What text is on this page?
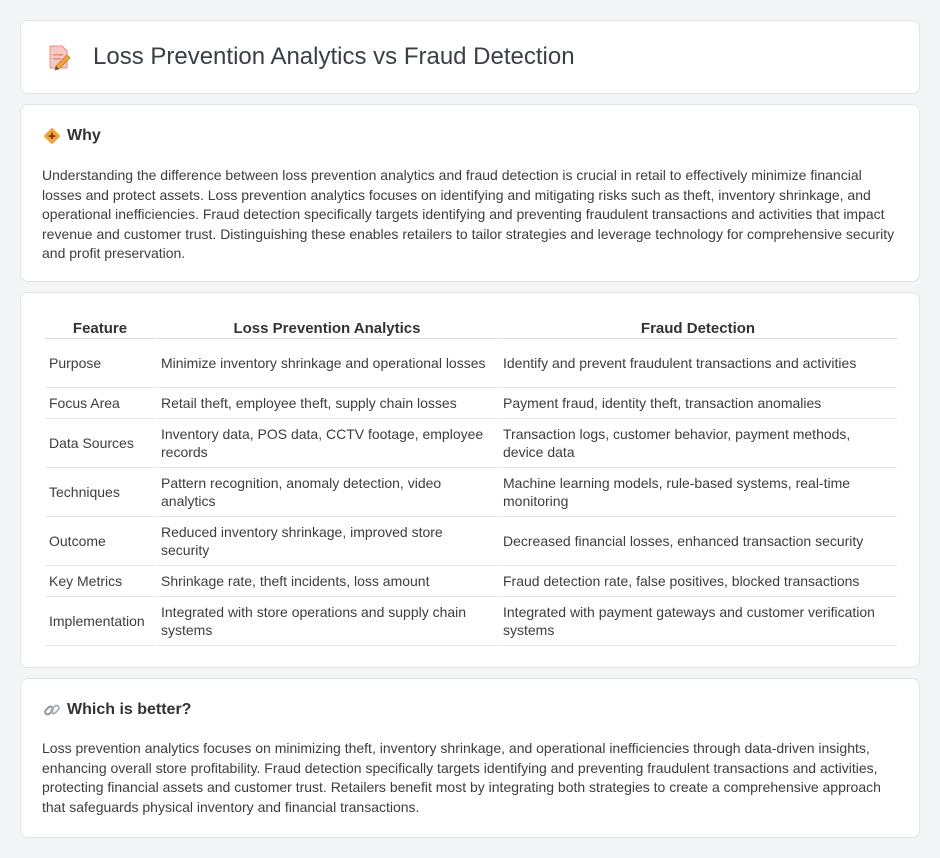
Loss Prevention Analytics vs Fraud Detection
Why

Understanding the difference between loss prevention analytics and fraud detection is crucial in retail to effectively minimize financial losses and protect assets. Loss prevention analytics focuses on identifying and mitigating risks such as theft, inventory shrinkage, and operational inefficiencies. Fraud detection specifically targets identifying and preventing fraudulent transactions and activities that impact revenue and customer trust. Distinguishing these enables retailers to tailor strategies and leverage technology for comprehensive security and profit preservation.

Feature	Loss Prevention Analytics	Fraud Detection
Purpose	Minimize inventory shrinkage and operational losses	Identify and prevent fraudulent transactions and activities
Focus Area	Retail theft, employee theft, supply chain losses	Payment fraud, identity theft, transaction anomalies
Data Sources	Inventory data, POS data, CCTV footage, employee records	Transaction logs, customer behavior, payment methods, device data
Techniques	Pattern recognition, anomaly detection, video analytics	Machine learning models, rule-based systems, real-time monitoring
Outcome	Reduced inventory shrinkage, improved store security	Decreased financial losses, enhanced transaction security
Key Metrics	Shrinkage rate, theft incidents, loss amount	Fraud detection rate, false positives, blocked transactions
Implementation	Integrated with store operations and supply chain systems	Integrated with payment gateways and customer verification systems
Which is better?

Loss prevention analytics focuses on minimizing theft, inventory shrinkage, and operational inefficiencies through data-driven insights, enhancing overall store profitability. Fraud detection specifically targets identifying and preventing fraudulent transactions and activities, protecting financial assets and customer trust. Retailers benefit most by integrating both strategies to create a comprehensive approach that safeguards physical inventory and financial transactions.
